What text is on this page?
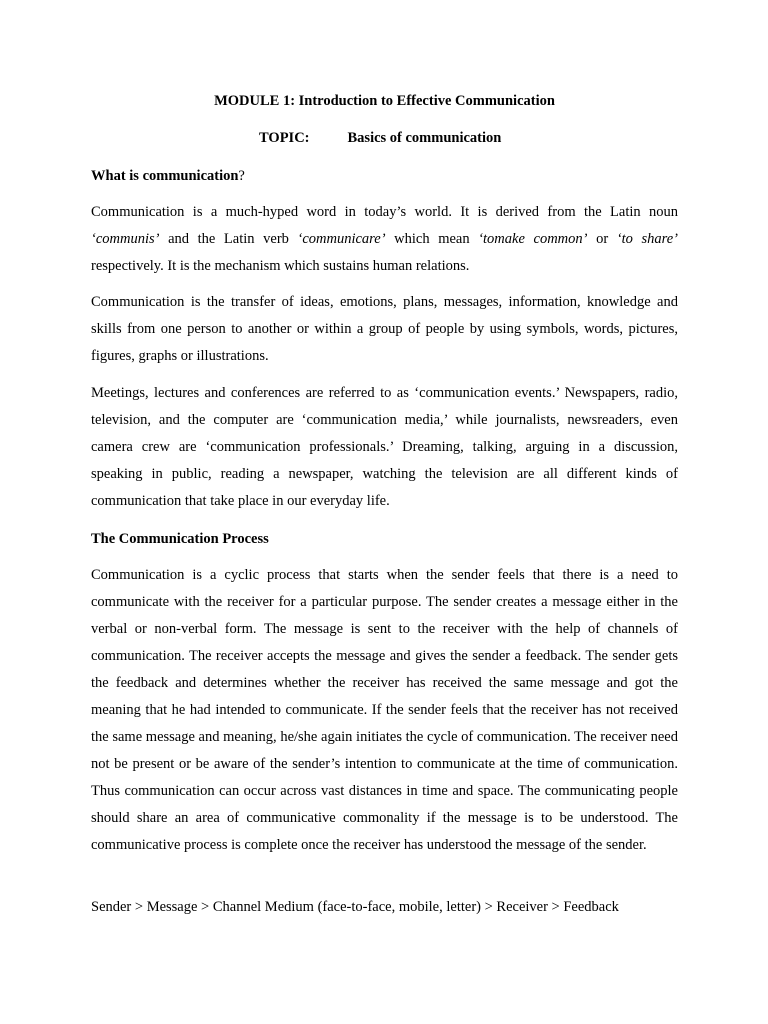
MODULE 1: Introduction to Effective Communication
TOPIC:	Basics of communication
What is communication?

Communication is a much-hyped word in today’s world. It is derived from the Latin noun ‘communis’ and the Latin verb ‘communicare’ which mean ‘tomake common’ or ‘to share’ respectively. It is the mechanism which sustains human relations.

Communication is the transfer of ideas, emotions, plans, messages, information, knowledge and skills from one person to another or within a group of people by using symbols, words, pictures, figures, graphs or illustrations.

Meetings, lectures and conferences are referred to as ‘communication events.’ Newspapers, radio, television, and the computer are ‘communication media,’ while journalists, newsreaders, even camera crew are ‘communication professionals.’ Dreaming, talking, arguing in a discussion, speaking in public, reading a newspaper, watching the television are all different kinds of communication that take place in our everyday life.

The Communication Process

Communication is a cyclic process that starts when the sender feels that there is a need to communicate with the receiver for a particular purpose. The sender creates a message either in the verbal or non-verbal form. The message is sent to the receiver with the help of channels of communication. The receiver accepts the message and gives the sender a feedback. The sender gets the feedback and determines whether the receiver has received the same message and got the meaning that he had intended to communicate. If the sender feels that the receiver has not received the same message and meaning, he/she again initiates the cycle of communication. The receiver need not be present or be aware of the sender’s intention to communicate at the time of communication. Thus communication can occur across vast distances in time and space. The communicating people should share an area of communicative commonality if the message is to be understood. The communicative process is complete once the receiver has understood the message of the sender.

Sender > Message > Channel Medium (face-to-face, mobile, letter) > Receiver > Feedback
